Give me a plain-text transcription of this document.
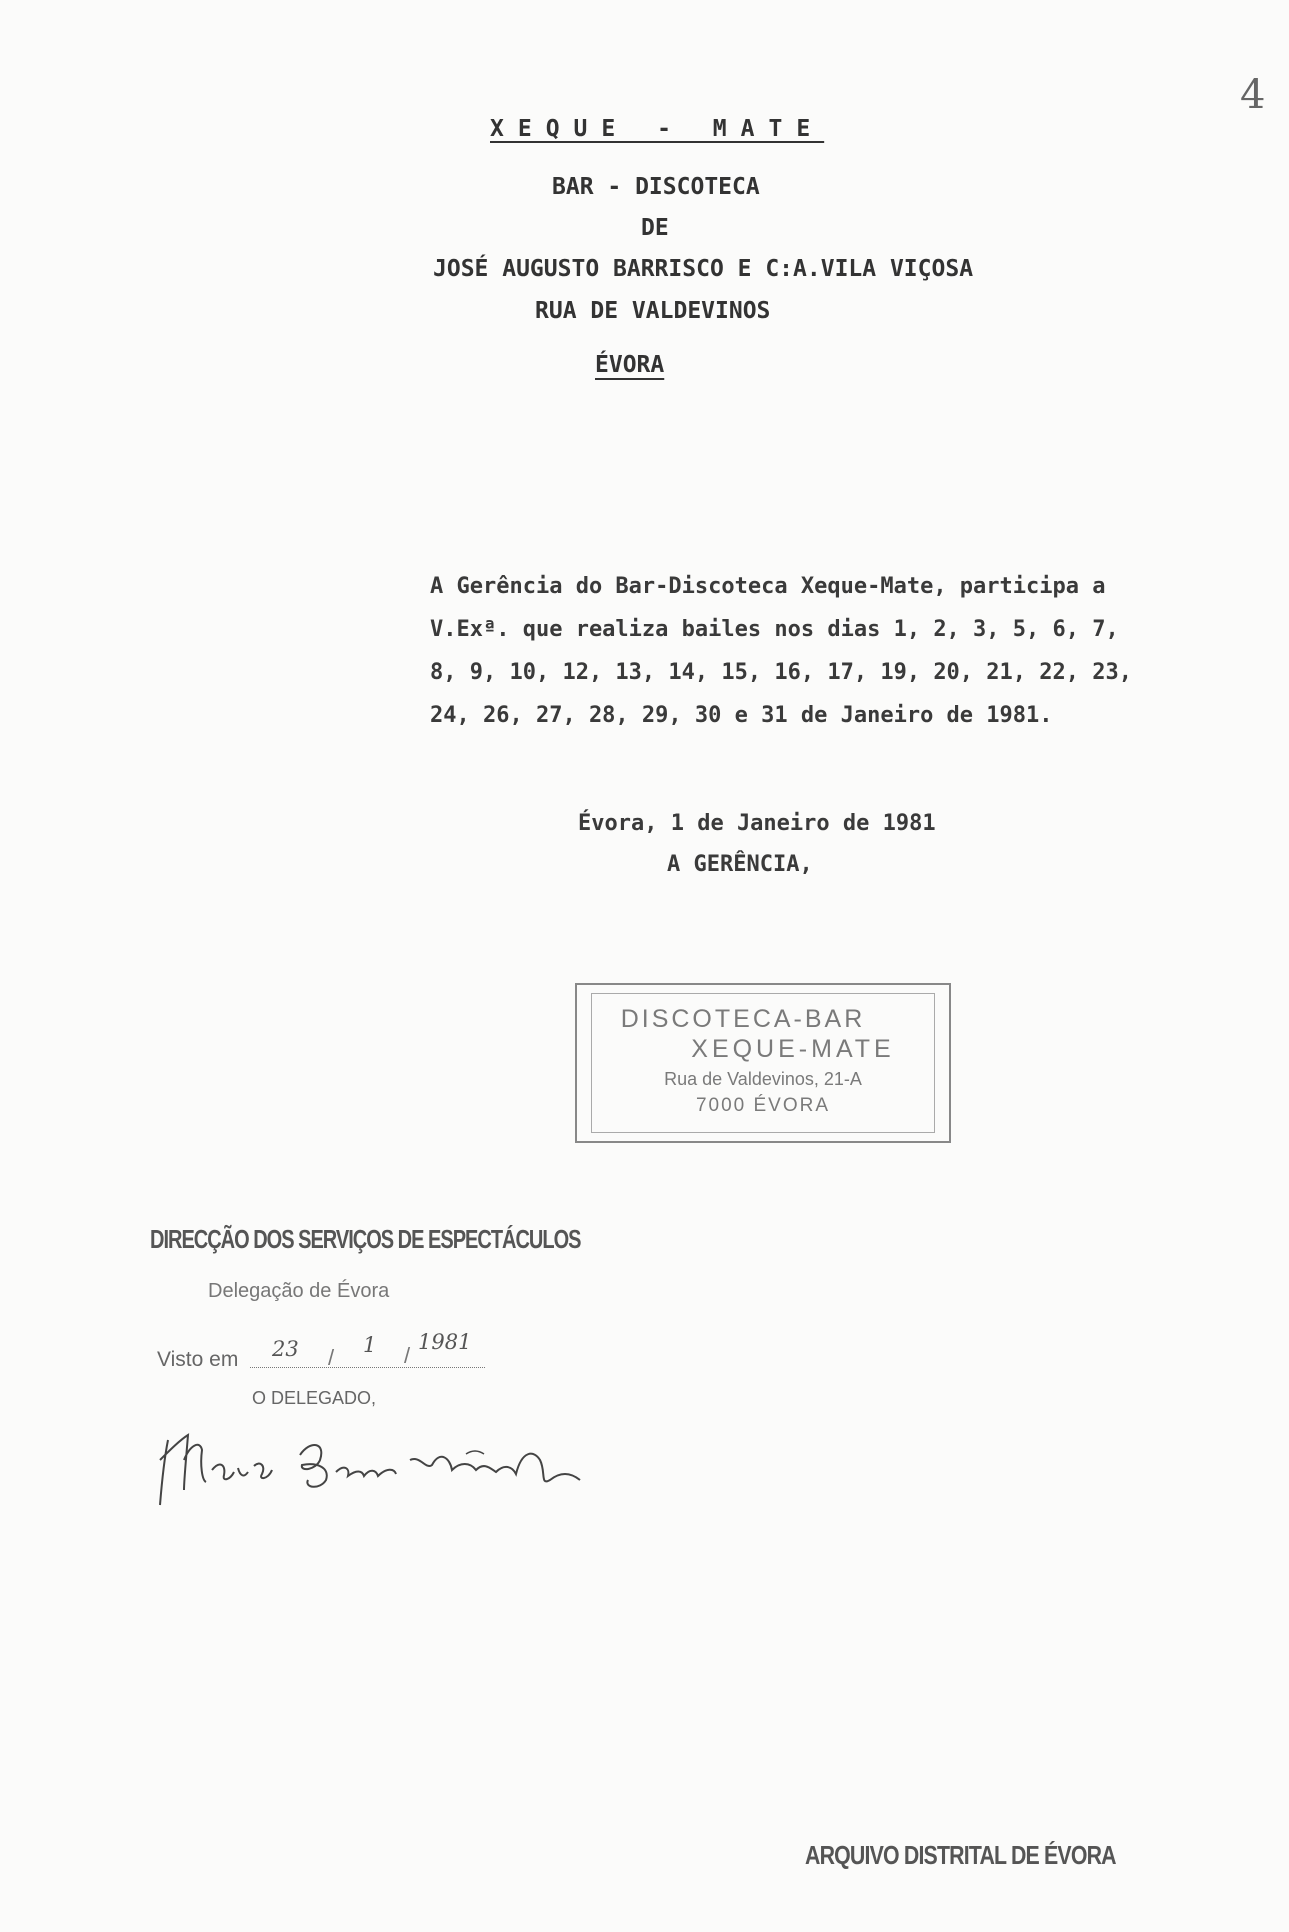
4
XEQUE - MATE
BAR - DISCOTECA
DE
JOSÉ AUGUSTO BARRISCO E C:A.VILA VIÇOSA
RUA DE VALDEVINOS
ÉVORA
A Gerência do Bar-Discoteca Xeque-Mate, participa a
V.Exª. que realiza bailes nos dias 1, 2, 3, 5, 6, 7,
8, 9, 10, 12, 13, 14, 15, 16, 17, 19, 20, 21, 22, 23,
24, 26, 27, 28, 29, 30 e 31 de Janeiro de 1981.
Évora, 1 de Janeiro de 1981
A GERÊNCIA,
DISCOTECA-BAR
XEQUE-MATE
Rua de Valdevinos, 21-A
7000 ÉVORA
DIRECÇÃO DOS SERVIÇOS DE ESPECTÁCULOS
Delegação de Évora
Visto em 23 / 1 /
1981
O DELEGADO,
ARQUIVO DISTRITAL DE ÉVORA
